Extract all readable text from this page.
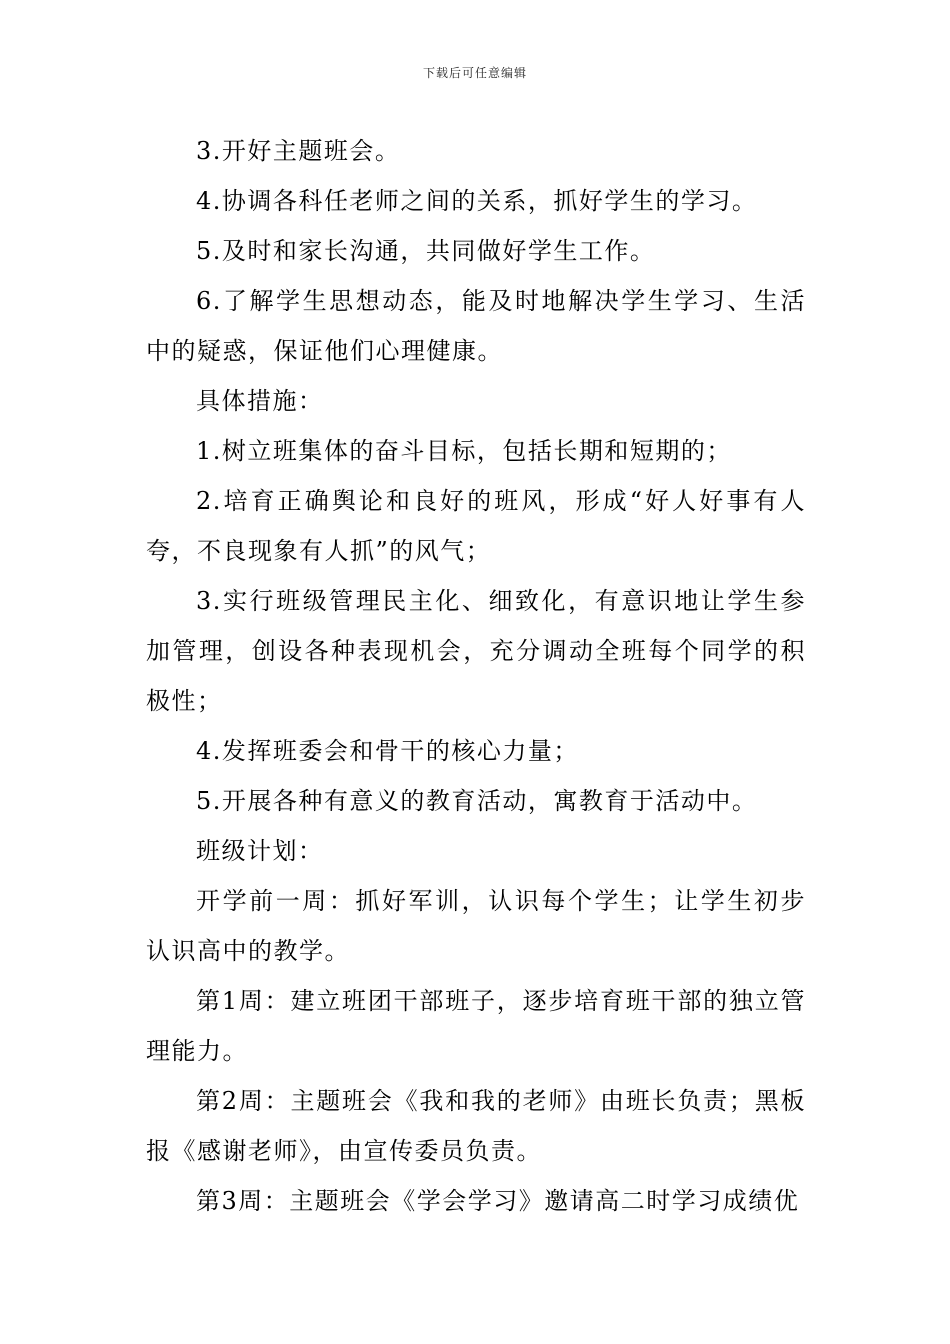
下载后可任意编辑

3.开好主题班会。

4.协调各科任老师之间的关系，抓好学生的学习。

5.及时和家长沟通，共同做好学生工作。

6.了解学生思想动态，能及时地解决学生学习、生活中的疑惑，保证他们心理健康。

具体措施：

1.树立班集体的奋斗目标，包括长期和短期的；

2.培育正确舆论和良好的班风，形成“好人好事有人夸，不良现象有人抓”的风气；

3.实行班级管理民主化、细致化，有意识地让学生参加管理，创设各种表现机会，充分调动全班每个同学的积极性；

4.发挥班委会和骨干的核心力量；

5.开展各种有意义的教育活动，寓教育于活动中。

班级计划：

开学前一周：抓好军训，认识每个学生；让学生初步认识高中的教学。

第1周：建立班团干部班子，逐步培育班干部的独立管理能力。

第2周：主题班会《我和我的老师》由班长负责；黑板报《感谢老师》，由宣传委员负责。

第3周：主题班会《学会学习》邀请高二时学习成绩优
